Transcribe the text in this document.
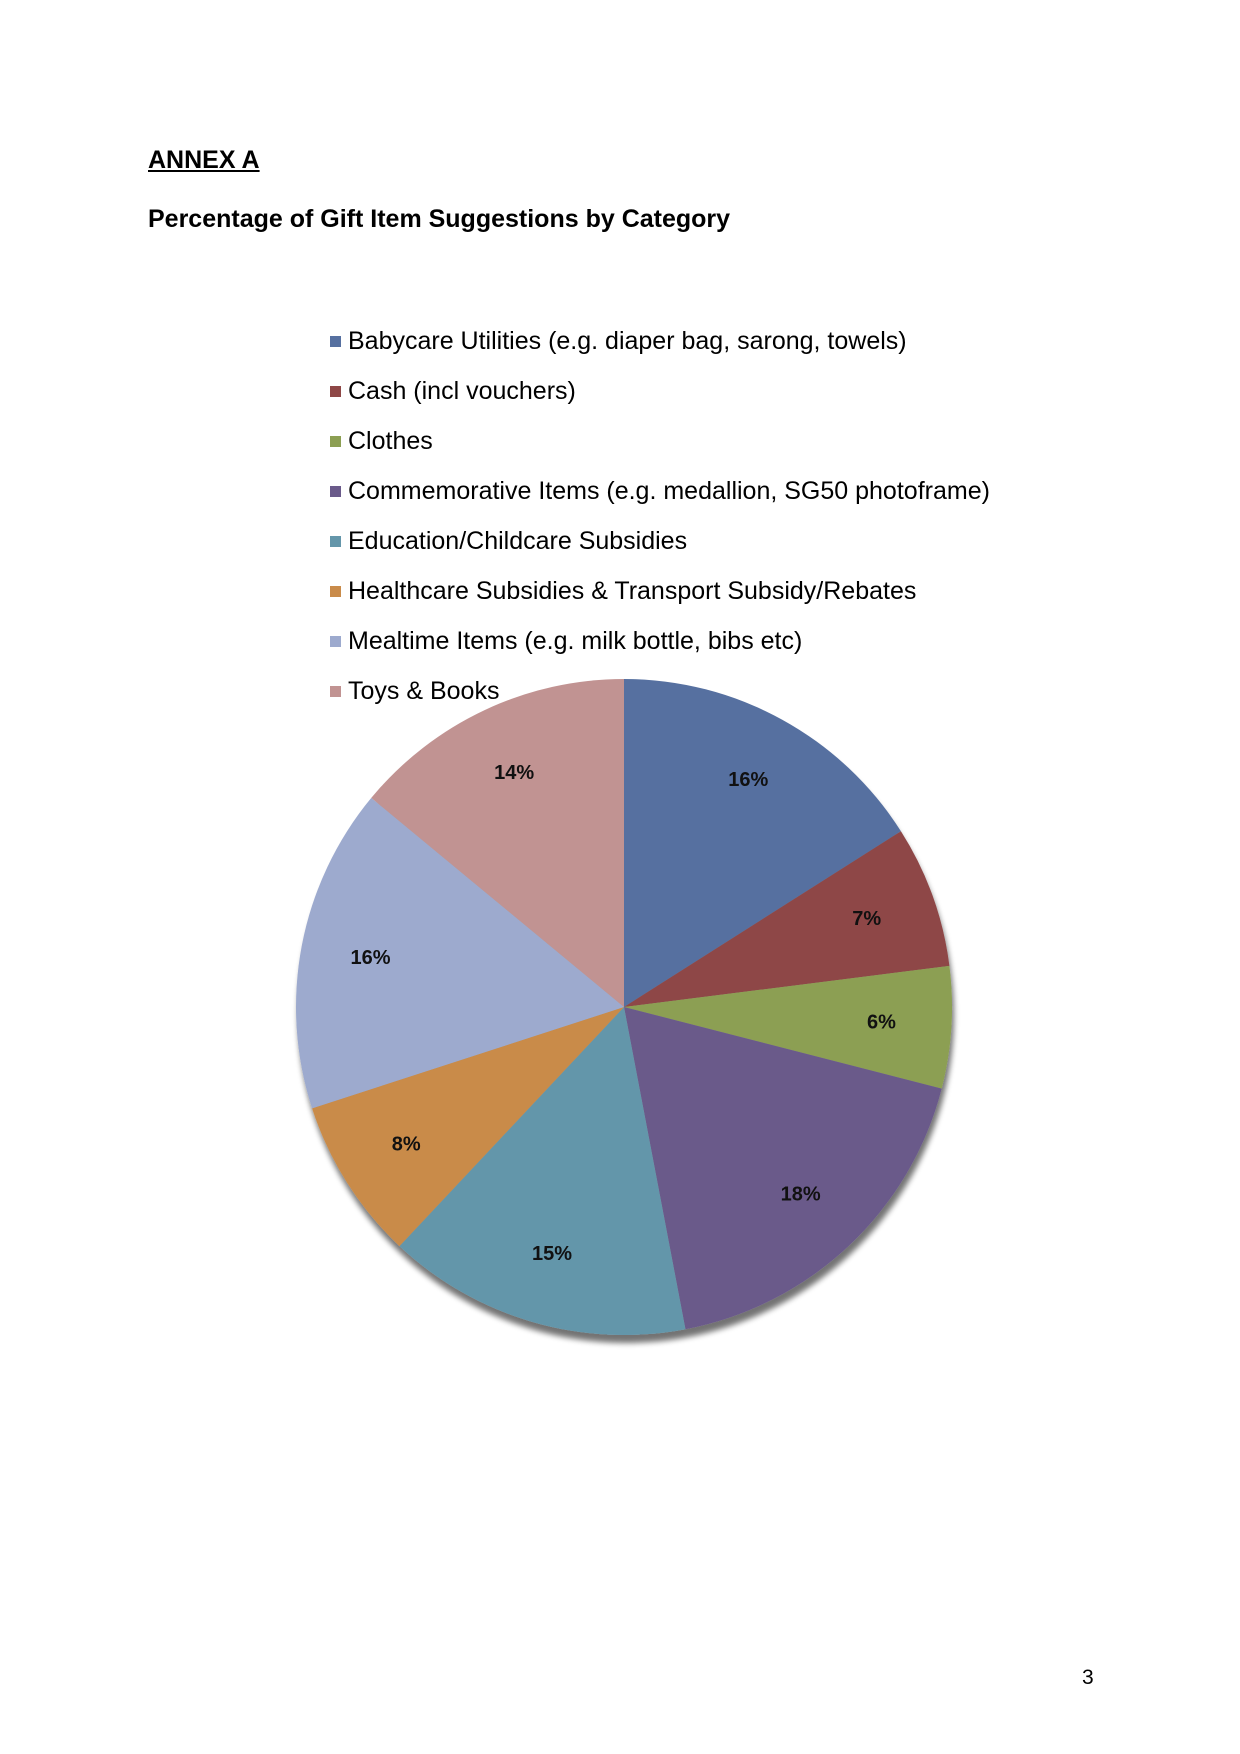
ANNEX A

Percentage of Gift Item Suggestions by Category

Babycare Utilities (e.g. diaper bag, sarong, towels)
Cash (incl vouchers)
Clothes
Commemorative Items (e.g. medallion, SG50 photoframe)
Education/Childcare Subsidies
Healthcare Subsidies & Transport Subsidy/Rebates
Mealtime Items (e.g. milk bottle, bibs etc)
Toys & Books
16%
7%
6%
18%
15%
8%
16%
14%

3
